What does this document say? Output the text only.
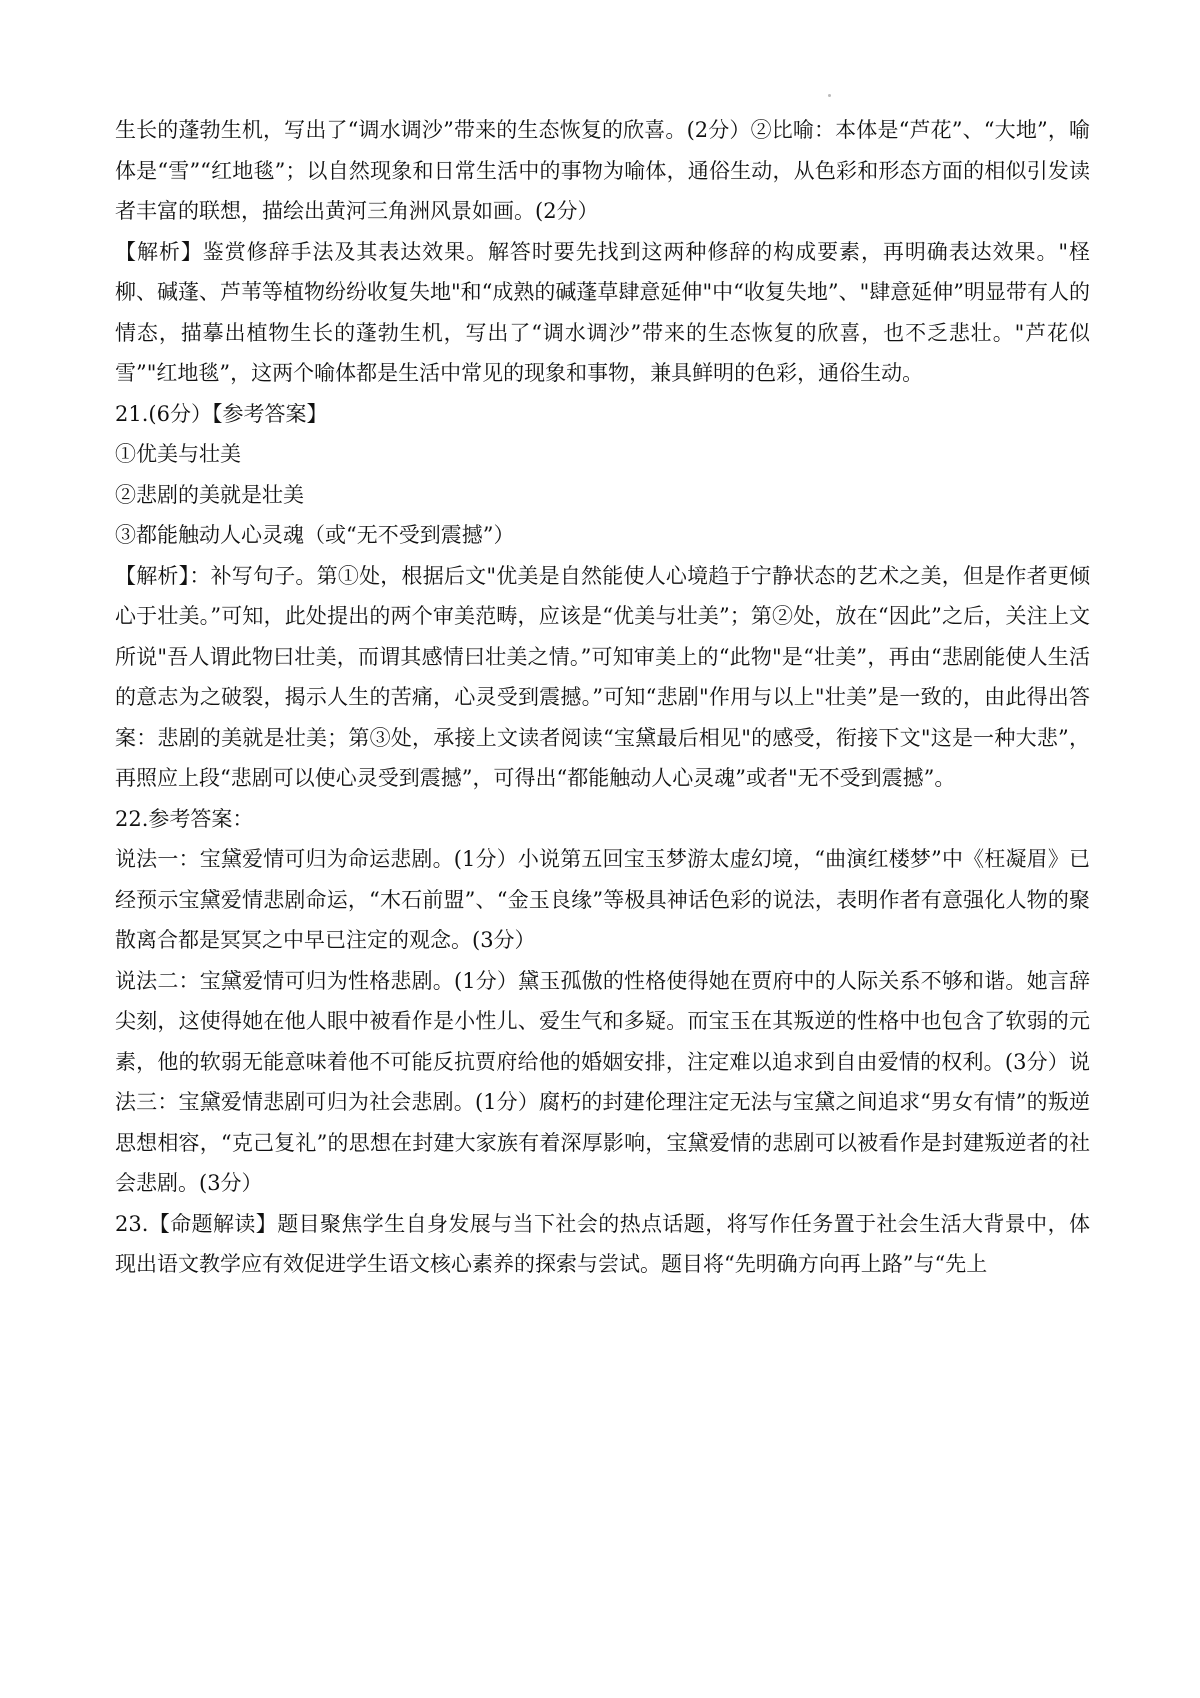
生长的蓬勃生机，写出了“调水调沙”带来的生态恢复的欣喜。(2分）②比喻：本体是“芦花”、“大地”，喻体是“雪”“红地毯”；以自然现象和日常生活中的事物为喻体，通俗生动，从色彩和形态方面的相似引发读者丰富的联想，描绘出黄河三角洲风景如画。(2分）

【解析】鉴赏修辞手法及其表达效果。解答时要先找到这两种修辞的构成要素，再明确表达效果。"柽柳、碱蓬、芦苇等植物纷纷收复失地"和“成熟的碱蓬草肆意延伸"中“收复失地”、"肆意延伸”明显带有人的情态，描摹出植物生长的蓬勃生机，写出了“调水调沙”带来的生态恢复的欣喜，也不乏悲壮。"芦花似雪”"红地毯”，这两个喻体都是生活中常见的现象和事物，兼具鲜明的色彩，通俗生动。

21.(6分）【参考答案】

①优美与壮美

②悲剧的美就是壮美

③都能触动人心灵魂（或“无不受到震撼”）

【解析】：补写句子。第①处，根据后文"优美是自然能使人心境趋于宁静状态的艺术之美，但是作者更倾心于壮美。”可知，此处提出的两个审美范畴，应该是“优美与壮美”；第②处，放在“因此”之后，关注上文所说"吾人谓此物曰壮美，而谓其感情曰壮美之情。”可知审美上的“此物"是“壮美”，再由“悲剧能使人生活的意志为之破裂，揭示人生的苦痛，心灵受到震撼。”可知“悲剧"作用与以上"壮美”是一致的，由此得出答案：悲剧的美就是壮美；第③处，承接上文读者阅读“宝黛最后相见"的感受，衔接下文"这是一种大悲”，再照应上段“悲剧可以使心灵受到震撼”，可得出“都能触动人心灵魂”或者"无不受到震撼”。

22.参考答案：

说法一：宝黛爱情可归为命运悲剧。(1分）小说第五回宝玉梦游太虚幻境，“曲演红楼梦”中《枉凝眉》已经预示宝黛爱情悲剧命运，“木石前盟”、“金玉良缘”等极具神话色彩的说法，表明作者有意强化人物的聚散离合都是冥冥之中早已注定的观念。(3分）

说法二：宝黛爱情可归为性格悲剧。(1分）黛玉孤傲的性格使得她在贾府中的人际关系不够和谐。她言辞尖刻，这使得她在他人眼中被看作是小性儿、爱生气和多疑。而宝玉在其叛逆的性格中也包含了软弱的元素，他的软弱无能意味着他不可能反抗贾府给他的婚姻安排，注定难以追求到自由爱情的权利。(3分）说法三：宝黛爱情悲剧可归为社会悲剧。(1分）腐朽的封建伦理注定无法与宝黛之间追求“男女有情”的叛逆思想相容，“克己复礼”的思想在封建大家族有着深厚影响，宝黛爱情的悲剧可以被看作是封建叛逆者的社会悲剧。(3分）

23.【命题解读】题目聚焦学生自身发展与当下社会的热点话题，将写作任务置于社会生活大背景中，体现出语文教学应有效促进学生语文核心素养的探索与尝试。题目将“先明确方向再上路”与“先上
